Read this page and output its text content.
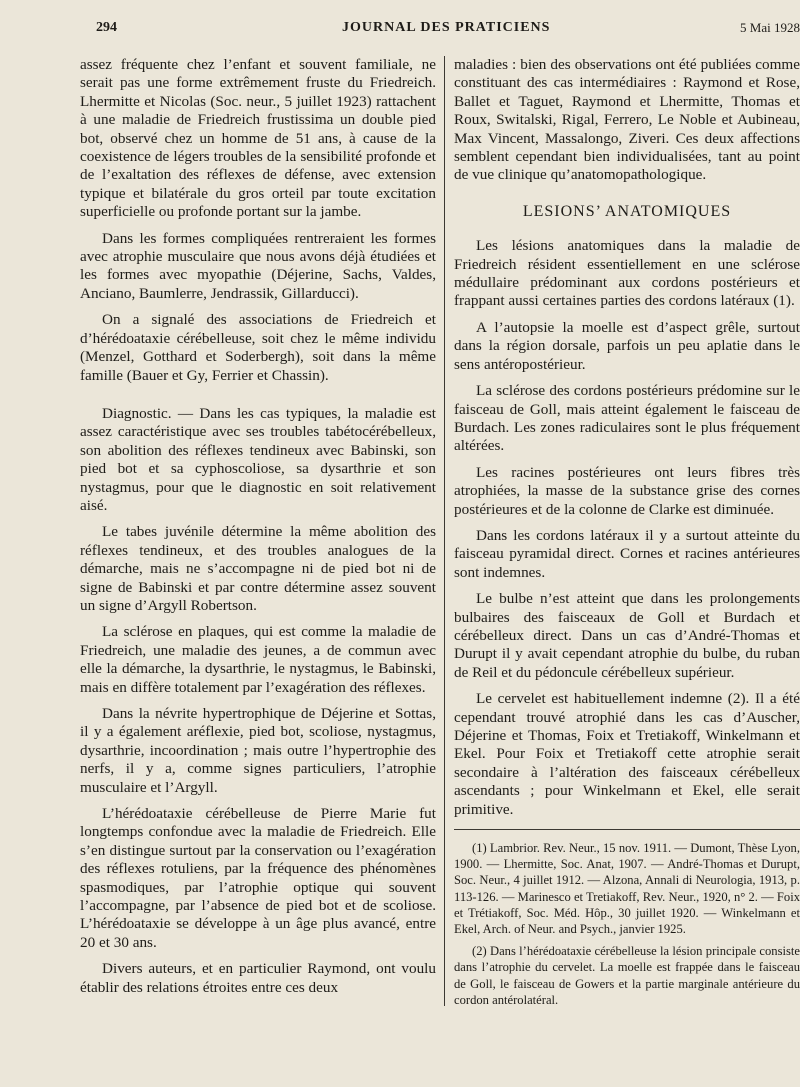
294	JOURNAL DES PRATICIENS	5 Mai 1928

assez fréquente chez l’enfant et souvent familiale, ne serait pas une forme extrêmement fruste du Friedreich. Lhermitte et Nicolas (Soc. neur., 5 juillet 1923) rattachent à une maladie de Friedreich frustissima un double pied bot, observé chez un homme de 51 ans, à cause de la coexistence de légers troubles de la sensibilité profonde et de l’exaltation des réflexes de défense, avec extension typique et bilatérale du gros orteil par toute excitation superficielle ou profonde portant sur la jambe.

Dans les formes compliquées rentreraient les formes avec atrophie musculaire que nous avons déjà étudiées et les formes avec myopathie (Déjerine, Sachs, Valdes, Anciano, Baumlerre, Jendrassik, Gillarducci).

On a signalé des associations de Friedreich et d’hérédoataxie cérébelleuse, soit chez le même individu (Menzel, Gotthard et Soderbergh), soit dans la même famille (Bauer et Gy, Ferrier et Chassin).

Diagnostic. — Dans les cas typiques, la maladie est assez caractéristique avec ses troubles tabétocérébelleux, son abolition des réflexes tendineux avec Babinski, son pied bot et sa cyphoscoliose, sa dysarthrie et son nystagmus, pour que le diagnostic en soit relativement aisé.

Le tabes juvénile détermine la même abolition des réflexes tendineux, et des troubles analogues de la démarche, mais ne s’accompagne ni de pied bot ni de signe de Babinski et par contre détermine assez souvent un signe d’Argyll Robertson.

La sclérose en plaques, qui est comme la maladie de Friedreich, une maladie des jeunes, a de commun avec elle la démarche, la dysarthrie, le nystagmus, le Babinski, mais en diffère totalement par l’exagération des réflexes.

Dans la névrite hypertrophique de Déjerine et Sottas, il y a également aréflexie, pied bot, scoliose, nystagmus, dysarthrie, incoordination ; mais outre l’hypertrophie des nerfs, il y a, comme signes particuliers, l’atrophie musculaire et l’Argyll.

L’hérédoataxie cérébelleuse de Pierre Marie fut longtemps confondue avec la maladie de Friedreich. Elle s’en distingue surtout par la conservation ou l’exagération des réflexes rotuliens, par la fréquence des phénomènes spasmodiques, par l’atrophie optique qui souvent l’accompagne, par l’absence de pied bot et de scoliose. L’hérédoataxie se développe à un âge plus avancé, entre 20 et 30 ans.

Divers auteurs, et en particulier Raymond, ont voulu établir des relations étroites entre ces deux

maladies : bien des observations ont été publiées comme constituant des cas intermédiaires : Raymond et Rose, Ballet et Taguet, Raymond et Lhermitte, Thomas et Roux, Switalski, Rigal, Ferrero, Le Noble et Aubineau, Max Vincent, Massalongo, Ziveri. Ces deux affections semblent cependant bien individualisées, tant au point de vue clinique qu’anatomopathologique.

LESIONS’ ANATOMIQUES

Les lésions anatomiques dans la maladie de Friedreich résident essentiellement en une sclérose médullaire prédominant aux cordons postérieurs et frappant aussi certaines parties des cordons latéraux (1).

A l’autopsie la moelle est d’aspect grêle, surtout dans la région dorsale, parfois un peu aplatie dans le sens antéropostérieur.

La sclérose des cordons postérieurs prédomine sur le faisceau de Goll, mais atteint également le faisceau de Burdach. Les zones radiculaires sont le plus fréquement altérées.

Les racines postérieures ont leurs fibres très atrophiées, la masse de la substance grise des cornes postérieures et de la colonne de Clarke est diminuée.

Dans les cordons latéraux il y a surtout atteinte du faisceau pyramidal direct. Cornes et racines antérieures sont indemnes.

Le bulbe n’est atteint que dans les prolongements bulbaires des faisceaux de Goll et Burdach et cérébelleux direct. Dans un cas d’André-Thomas et Durupt il y avait cependant atrophie du bulbe, du ruban de Reil et du pédoncule cérébelleux supérieur.

Le cervelet est habituellement indemne (2). Il a été cependant trouvé atrophié dans les cas d’Auscher, Déjerine et Thomas, Foix et Tretiakoff, Winkelmann et Ekel. Pour Foix et Tretiakoff cette atrophie serait secondaire à l’altération des faisceaux cérébelleux ascendants ; pour Winkelmann et Ekel, elle serait primitive.

(1) Lambrior. Rev. Neur., 15 nov. 1911. — Dumont, Thèse Lyon, 1900. — Lhermitte, Soc. Anat, 1907. — André-Thomas et Durupt, Soc. Neur., 4 juillet 1912. — Alzona, Annali di Neurologia, 1913, p. 113-126. — Marinesco et Tretiakoff, Rev. Neur., 1920, n° 2. — Foix et Trétiakoff, Soc. Méd. Hôp., 30 juillet 1920. — Winkelmann et Ekel, Arch. of Neur. and Psych., janvier 1925.

(2) Dans l’hérédoataxie cérébelleuse la lésion principale consiste dans l’atrophie du cervelet. La moelle est frappée dans le faisceau de Goll, le faisceau de Gowers et la partie marginale antérieure du cordon antérolatéral.
